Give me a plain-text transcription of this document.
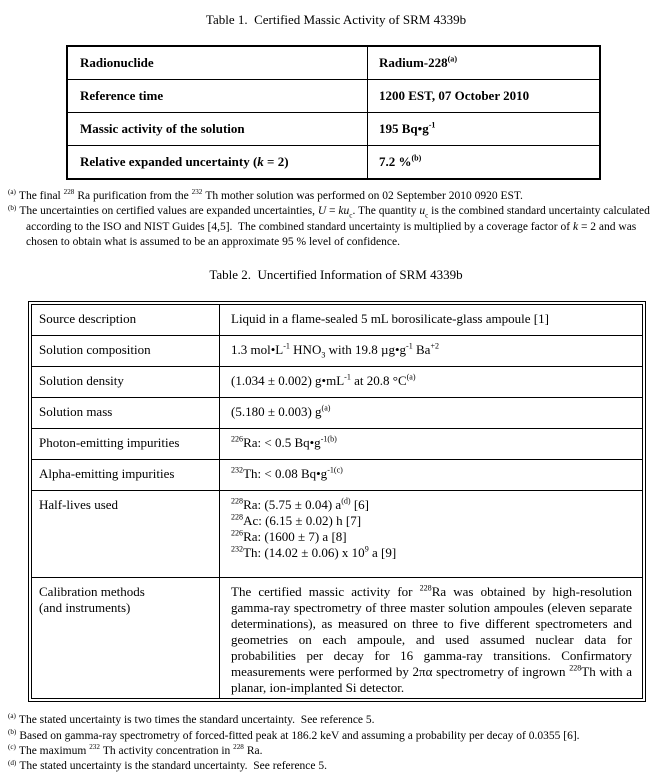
Table 1.  Certified Massic Activity of SRM 4339b
Radionuclide	Radium-228$^{(a)}$
Reference time	1200 EST, 07 October 2010
Massic activity of the solution	195 $Bq•g^{-1}$
Relative expanded uncertainty (k = 2)	7.2 %$^{(b)}$
$^{(a)}$ The final $^{228}$ Ra purification from the $^{232}$ Th mother solution was performed on 02 September 2010 0920 EST.
$^{(b)}$ The uncertainties on certified values are expanded uncertainties, $U = ku_c$. The quantity $u_c$ is the combined standard uncertainty calculated according to the ISO and NIST Guides [4,5].  The combined standard uncertainty is multiplied by a coverage factor of k = 2 and was chosen to obtain what is assumed to be an approximate 95 % level of confidence.
Table 2.  Uncertified Information of SRM 4339b
Source description	Liquid in a flame-sealed 5 mL borosilicate-glass ampoule [1]
Solution composition	1.3 $mol•L^{-1}$ $HNO_3$ with 19.8 $\mu g•g^{-1}$ $Ba^{+2}$
Solution density	(1.034 ± 0.002) $g•mL^{-1}$ at 20.8 $^\circ C^{(a)}$
Solution mass	(5.180 ± 0.003) $g^{(a)}$
Photon-emitting impurities	$^{226}$Ra: < 0.5 $Bq•g^{-1(b)}$
Alpha-emitting impurities	$^{232}$Th: < 0.08 $Bq•g^{-1(c)}$
Half-lives used	$^{228}$Ra: (5.75 ± 0.04) $a^{(d)}$ [6]
$^{228}$Ac: (6.15 ± 0.02) h [7]
$^{226}$Ra: (1600 ± 7) a [8]
$^{232}$Th: (14.02 ± 0.06) x $10^9$ a [9]
Calibration methods
(and instruments)	The certified massic activity for $^{228}$Ra was obtained by high-resolution gamma-ray spectrometry of three master solution ampoules (eleven separate determinations), as measured on three to five different spectrometers and geometries on each ampoule, and used assumed nuclear data for probabilities per decay for 16 gamma-ray transitions. Confirmatory measurements were performed by 2πα spectrometry of ingrown $^{228}$Th with a planar, ion-implanted Si detector.
$^{(a)}$ The stated uncertainty is two times the standard uncertainty.  See reference 5.
$^{(b)}$ Based on gamma-ray spectrometry of forced-fitted peak at 186.2 keV and assuming a probability per decay of 0.0355 [6].
$^{(c)}$ The maximum $^{232}$ Th activity concentration in $^{228}$ Ra.
$^{(d)}$ The stated uncertainty is the standard uncertainty.  See reference 5.
